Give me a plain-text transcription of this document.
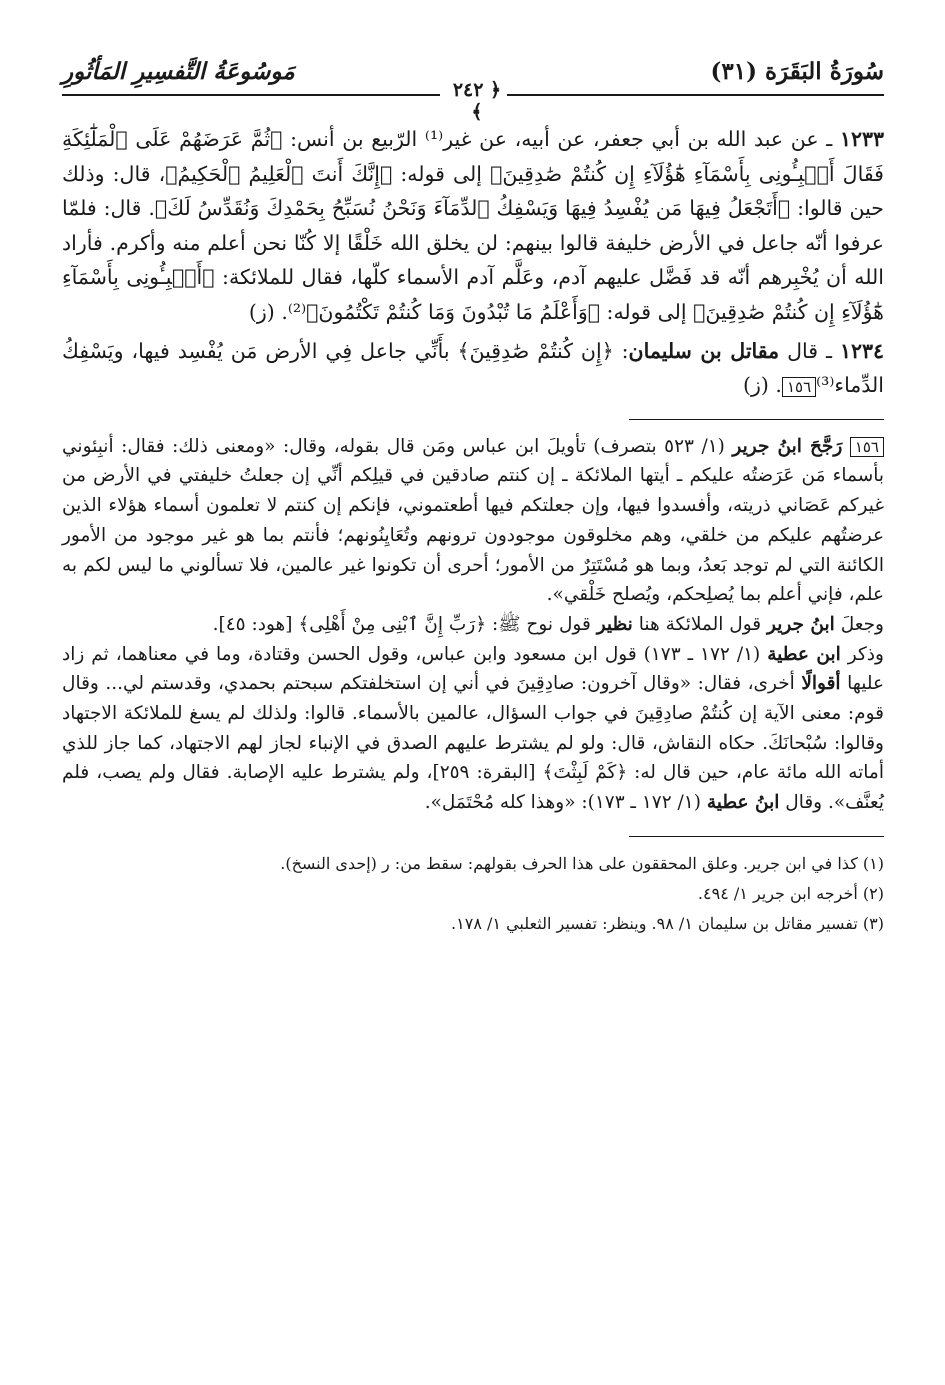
سُورَةُ البَقَرَة (٣١)
مَوسُوعَةُ التَّفسِيرِ المَأثُورِ
﴿ ٢٤٢ ﴾

١٢٣٣ ـ عن عبد الله بن أبي جعفر، عن أبيه، عن غير⁽¹⁾ الرّبيع بن أنس: ﴿ثُمَّ عَرَضَهُمْ عَلَى ٱلْمَلَٰٓئِكَةِ فَقَالَ أَنۢبِـُٔونِى بِأَسْمَآءِ هَٰٓؤُلَآءِ إِن كُنتُمْ صَٰدِقِينَ﴾ إلى قوله: ﴿إِنَّكَ أَنتَ ٱلْعَلِيمُ ٱلْحَكِيمُ﴾، قال: وذلك حين قالوا: ﴿أَتَجْعَلُ فِيهَا مَن يُفْسِدُ فِيهَا وَيَسْفِكُ ٱلدِّمَآءَ وَنَحْنُ نُسَبِّحُ بِحَمْدِكَ وَنُقَدِّسُ لَكَ﴾. قال: فلمّا عرفوا أنّه جاعل في الأرض خليفة قالوا بينهم: لن يخلق الله خَلْقًا إلا كُنّا نحن أعلم منه وأكرم. فأراد الله أن يُخْبِرهم أنّه قد فَضَّل عليهم آدم، وعَلَّم آدم الأسماء كلّها، فقال للملائكة: ﴿أَنۢبِـُٔونِى بِأَسْمَآءِ هَٰٓؤُلَآءِ إِن كُنتُمْ صَٰدِقِينَ﴾ إلى قوله: ﴿وَأَعْلَمُ مَا تُبْدُونَ وَمَا كُنتُمْ تَكْتُمُونَ﴾⁽²⁾. (ز)

١٢٣٤ ـ قال مقاتل بن سليمان: ﴿إِن كُنتُمْ صَٰدِقِينَ﴾ بأَنِّي جاعل فِي الأرض مَن يُفْسِد فيها، ويَسْفِكُ الدِّماء⁽³⁾١٥٦. (ز)

١٥٦ رَجَّحَ ابنُ جرير (١/ ٥٢٣ بتصرف) تأويلَ ابن عباس ومَن قال بقوله، وقال: «ومعنى ذلك: فقال: أنبِئوني بأسماء مَن عَرَضتُه عليكم ـ أيتها الملائكة ـ إن كنتم صادقين في قيلِكم أنِّي إن جعلتُ خليفتي في الأرض من غيركم عَصَاني ذريته، وأفسدوا فيها، وإن جعلتكم فيها أطعتموني، فإنكم إن كنتم لا تعلمون أسماء هؤلاء الذين عرضتُهم عليكم من خلقي، وهم مخلوقون موجودون ترونهم وتُعَايِنُونهم؛ فأنتم بما هو غير موجود من الأمور الكائنة التي لم توجد بَعدُ، وبما هو مُسْتَتِرٌ من الأمور؛ أحرى أن تكونوا غير عالمين، فلا تسألوني ما ليس لكم به علم، فإني أعلم بما يُصلِحكم، ويُصلح خَلْقي».

وجعلَ ابنُ جرير قول الملائكة هنا نظير قول نوح ﷺ: ﴿رَبِّ إِنَّ ٱبْنِى مِنْ أَهْلِى﴾ [هود: ٤٥].

وذكر ابن عطية (١/ ١٧٢ ـ ١٧٣) قول ابن مسعود وابن عباس، وقول الحسن وقتادة، وما في معناهما، ثم زاد عليها أقوالًا أخرى، فقال: «وقال آخرون: صادِقِينَ في أني إن استخلفتكم سبحتم بحمدي، وقدستم لي... وقال قوم: معنى الآية إن كُنتُمْ صادِقِينَ في جواب السؤال، عالمين بالأسماء. قالوا: ولذلك لم يسغ للملائكة الاجتهاد وقالوا: سُبْحانَكَ. حكاه النقاش، قال: ولو لم يشترط عليهم الصدق في الإنباء لجاز لهم الاجتهاد، كما جاز للذي أماته الله مائة عام، حين قال له: ﴿كَمْ لَبِثْتَ﴾ [البقرة: ٢٥٩]، ولم يشترط عليه الإصابة. فقال ولم يصب، فلم يُعنَّف». وقال ابنُ عطية (١/ ١٧٢ ـ ١٧٣): «وهذا كله مُحْتَمَل».

(١) كذا في ابن جرير. وعلق المحققون على هذا الحرف بقولهم: سقط من: ر (إحدى النسخ).

(٢) أخرجه ابن جرير ١/ ٤٩٤.

(٣) تفسير مقاتل بن سليمان ١/ ٩٨. وينظر: تفسير الثعلبي ١/ ١٧٨.
